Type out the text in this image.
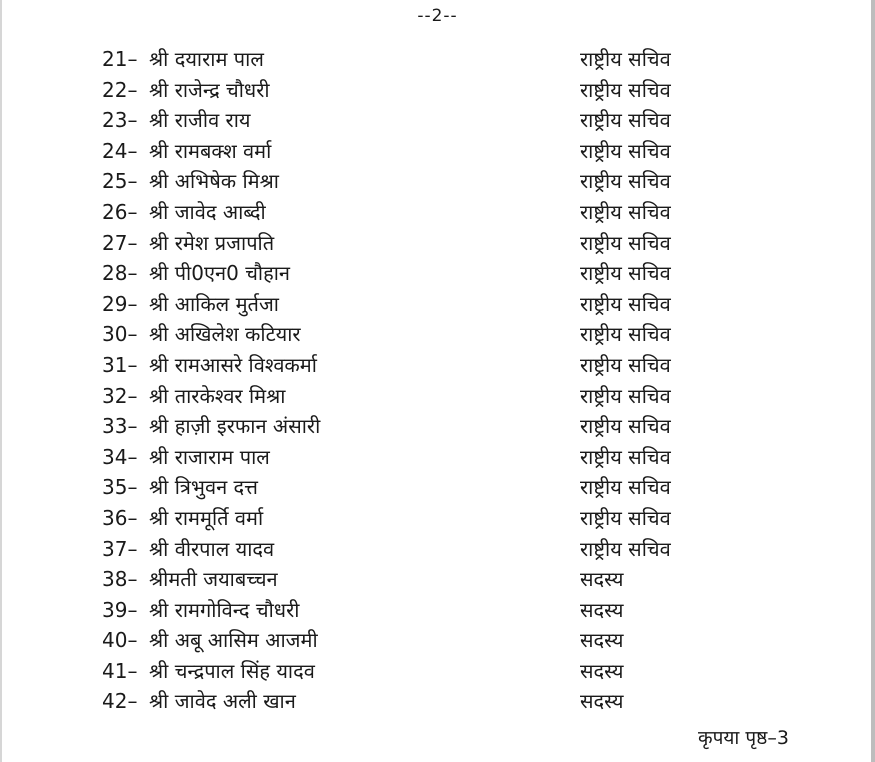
--2--
21– श्री दयाराम पाल	राष्ट्रीय सचिव
22– श्री राजेन्द्र चौधरी	राष्ट्रीय सचिव
23– श्री राजीव राय	राष्ट्रीय सचिव
24– श्री रामबक्श वर्मा	राष्ट्रीय सचिव
25– श्री अभिषेक मिश्रा	राष्ट्रीय सचिव
26– श्री जावेद आब्दी	राष्ट्रीय सचिव
27– श्री रमेश प्रजापति	राष्ट्रीय सचिव
28– श्री पी0एन0 चौहान	राष्ट्रीय सचिव
29– श्री आकिल मुर्तजा	राष्ट्रीय सचिव
30– श्री अखिलेश कटियार	राष्ट्रीय सचिव
31– श्री रामआसरे विश्वकर्मा	राष्ट्रीय सचिव
32– श्री तारकेश्वर मिश्रा	राष्ट्रीय सचिव
33– श्री हाज़ी इरफान अंसारी	राष्ट्रीय सचिव
34– श्री राजाराम पाल	राष्ट्रीय सचिव
35– श्री त्रिभुवन दत्त	राष्ट्रीय सचिव
36– श्री राममूर्ति वर्मा	राष्ट्रीय सचिव
37– श्री वीरपाल यादव	राष्ट्रीय सचिव
38– श्रीमती जयाबच्चन	सदस्य
39– श्री रामगोविन्द चौधरी	सदस्य
40– श्री अबू आसिम आजमी	सदस्य
41– श्री चन्द्रपाल सिंह यादव	सदस्य
42– श्री जावेद अली खान	सदस्य
कृपया पृष्ठ–3
